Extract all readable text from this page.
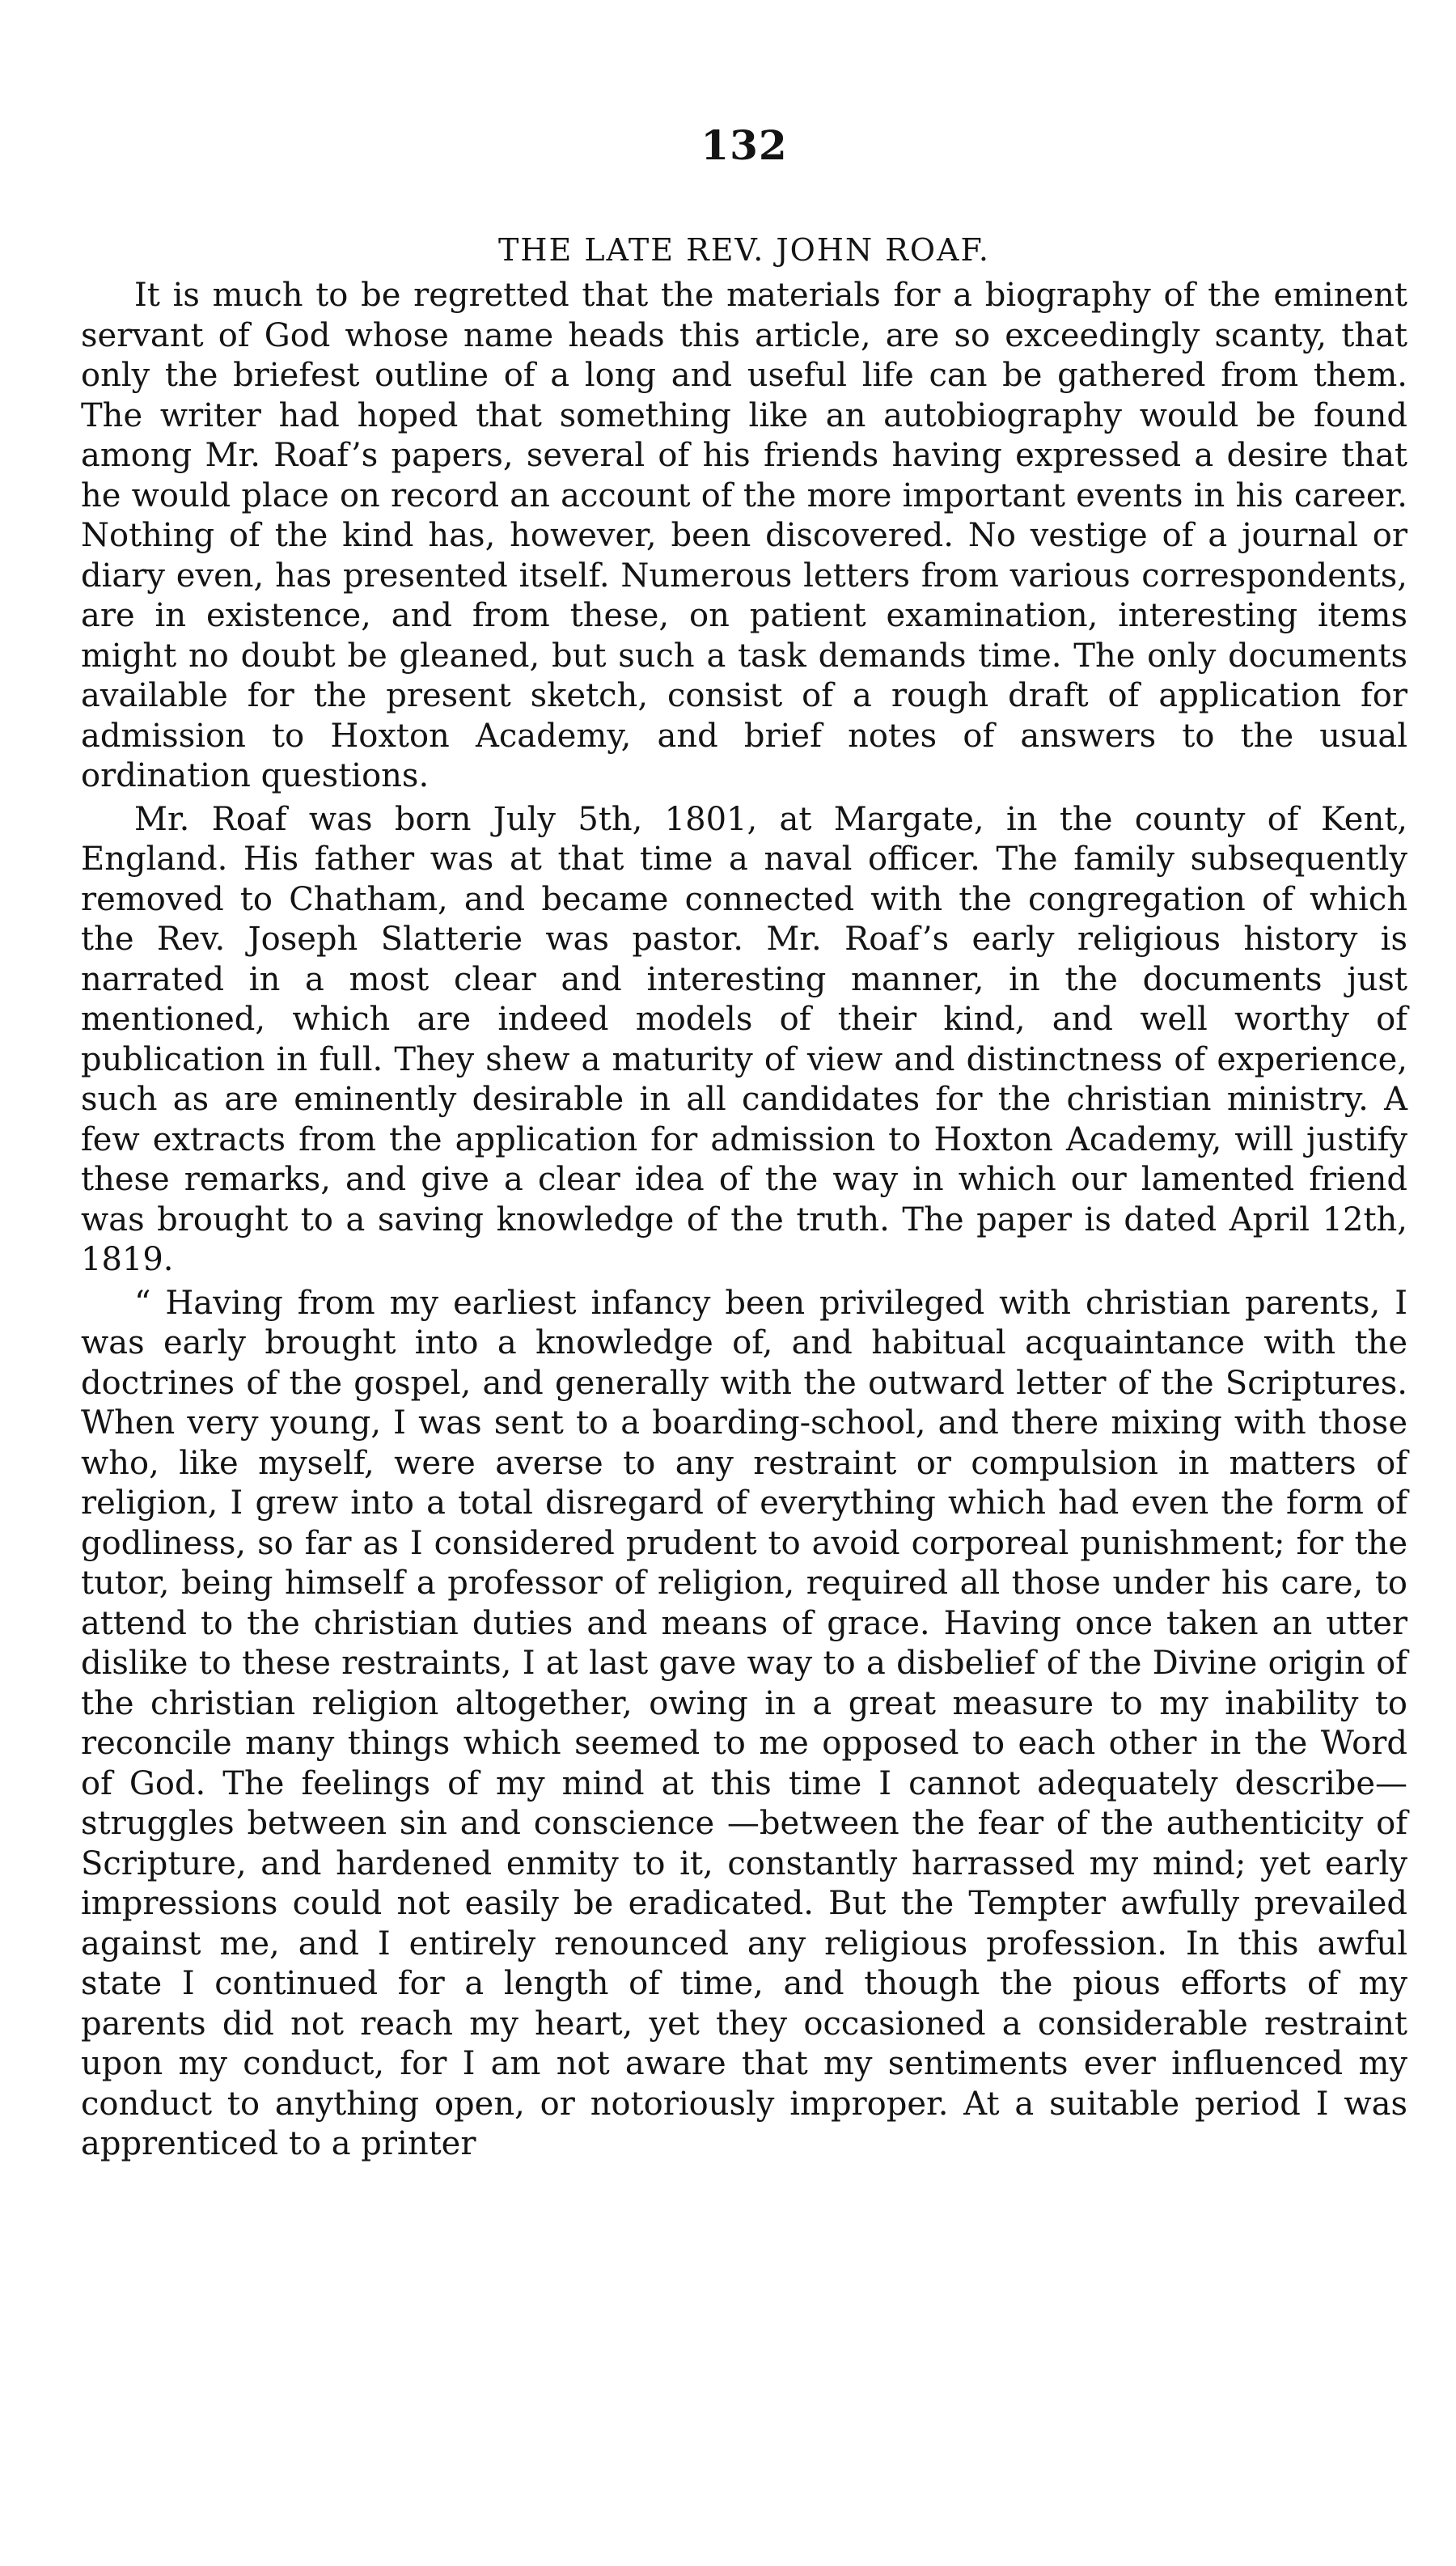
132
THE LATE REV. JOHN ROAF.

It is much to be regretted that the materials for a biography of the eminent servant of God whose name heads this article, are so exceedingly scanty, that only the briefest outline of a long and useful life can be gathered from them. The writer had hoped that something like an autobiography would be found among Mr. Roaf’s papers, several of his friends having expressed a desire that he would place on record an account of the more important events in his career. Nothing of the kind has, however, been discovered. No vestige of a journal or diary even, has presented itself. Numerous letters from various correspondents, are in existence, and from these, on patient examination, interesting items might no doubt be gleaned, but such a task demands time. The only documents available for the present sketch, consist of a rough draft of application for admission to Hoxton Academy, and brief notes of answers to the usual ordination questions.

Mr. Roaf was born July 5th, 1801, at Margate, in the county of Kent, England. His father was at that time a naval officer. The family subsequently removed to Chatham, and became connected with the congregation of which the Rev. Joseph Slatterie was pastor. Mr. Roaf’s early religious history is narrated in a most clear and interesting manner, in the documents just mentioned, which are indeed models of their kind, and well worthy of publication in full. They shew a maturity of view and distinctness of experience, such as are eminently desirable in all candidates for the christian ministry. A few extracts from the application for admission to Hoxton Academy, will justify these remarks, and give a clear idea of the way in which our lamented friend was brought to a saving knowledge of the truth. The paper is dated April 12th, 1819.

“ Having from my earliest infancy been privileged with christian parents, I was early brought into a knowledge of, and habitual acquaintance with the doctrines of the gospel, and generally with the outward letter of the Scriptures. When very young, I was sent to a boarding-school, and there mixing with those who, like myself, were averse to any restraint or compulsion in matters of religion, I grew into a total disregard of everything which had even the form of godliness, so far as I considered prudent to avoid corporeal punishment; for the tutor, being himself a professor of religion, required all those under his care, to attend to the christian duties and means of grace. Having once taken an utter dislike to these restraints, I at last gave way to a disbelief of the Divine origin of the christian religion altogether, owing in a great measure to my inability to reconcile many things which seemed to me opposed to each other in the Word of God. The feelings of my mind at this time I cannot adequately describe—struggles between sin and conscience —between the fear of the authenticity of Scripture, and hardened enmity to it, constantly harrassed my mind; yet early impressions could not easily be eradicated. But the Tempter awfully prevailed against me, and I entirely renounced any religious profession. In this awful state I continued for a length of time, and though the pious efforts of my parents did not reach my heart, yet they occasioned a considerable restraint upon my conduct, for I am not aware that my sentiments ever influenced my conduct to anything open, or notoriously improper. At a suitable period I was apprenticed to a printer
